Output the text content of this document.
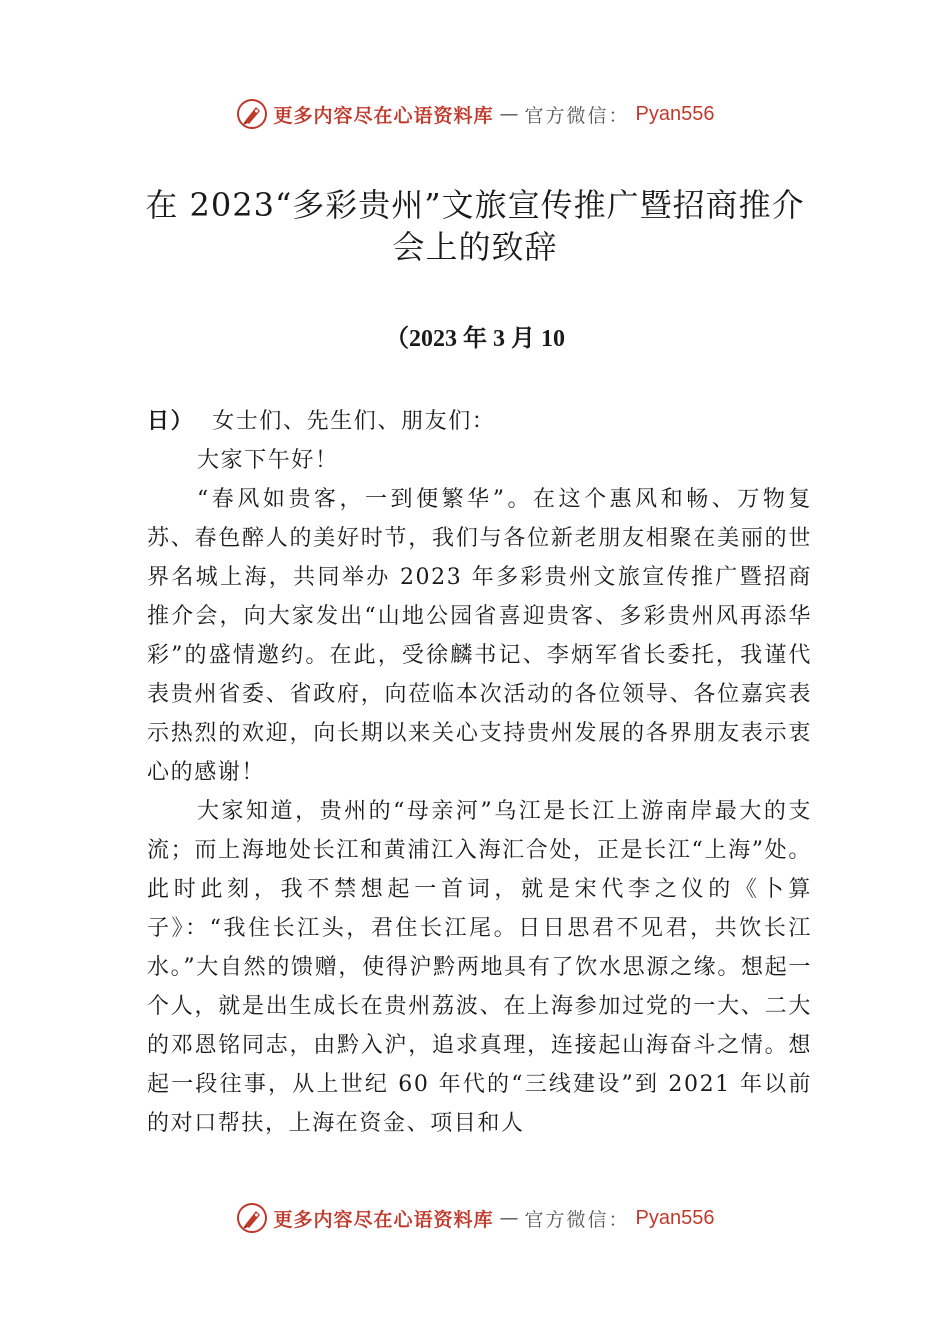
更多内容尽在心语资料库 — 官方微信： Pyan556
在 2023“多彩贵州”文旅宣传推广暨招商推介会上的致辞
（2023 年 3 月 10

日） 女士们、先生们、朋友们：

大家下午好！

“春风如贵客，一到便繁华”。在这个惠风和畅、万物复苏、春色醉人的美好时节，我们与各位新老朋友相聚在美丽的世界名城上海，共同举办 2023 年多彩贵州文旅宣传推广暨招商推介会，向大家发出“山地公园省喜迎贵客、多彩贵州风再添华彩”的盛情邀约。在此，受徐麟书记、李炳军省长委托，我谨代表贵州省委、省政府，向莅临本次活动的各位领导、各位嘉宾表示热烈的欢迎，向长期以来关心支持贵州发展的各界朋友表示衷心的感谢！

大家知道，贵州的“母亲河”乌江是长江上游南岸最大的支流；而上海地处长江和黄浦江入海汇合处，正是长江“上海”处。此时此刻，我不禁想起一首词，就是宋代李之仪的《卜算子》：“我住长江头，君住长江尾。日日思君不见君，共饮长江水。”大自然的馈赠，使得沪黔两地具有了饮水思源之缘。想起一个人，就是出生成长在贵州荔波、在上海参加过党的一大、二大的邓恩铭同志，由黔入沪，追求真理，连接起山海奋斗之情。想起一段往事，从上世纪 60 年代的“三线建设”到 2021 年以前的对口帮扶，上海在资金、项目和人

更多内容尽在心语资料库 — 官方微信： Pyan556
